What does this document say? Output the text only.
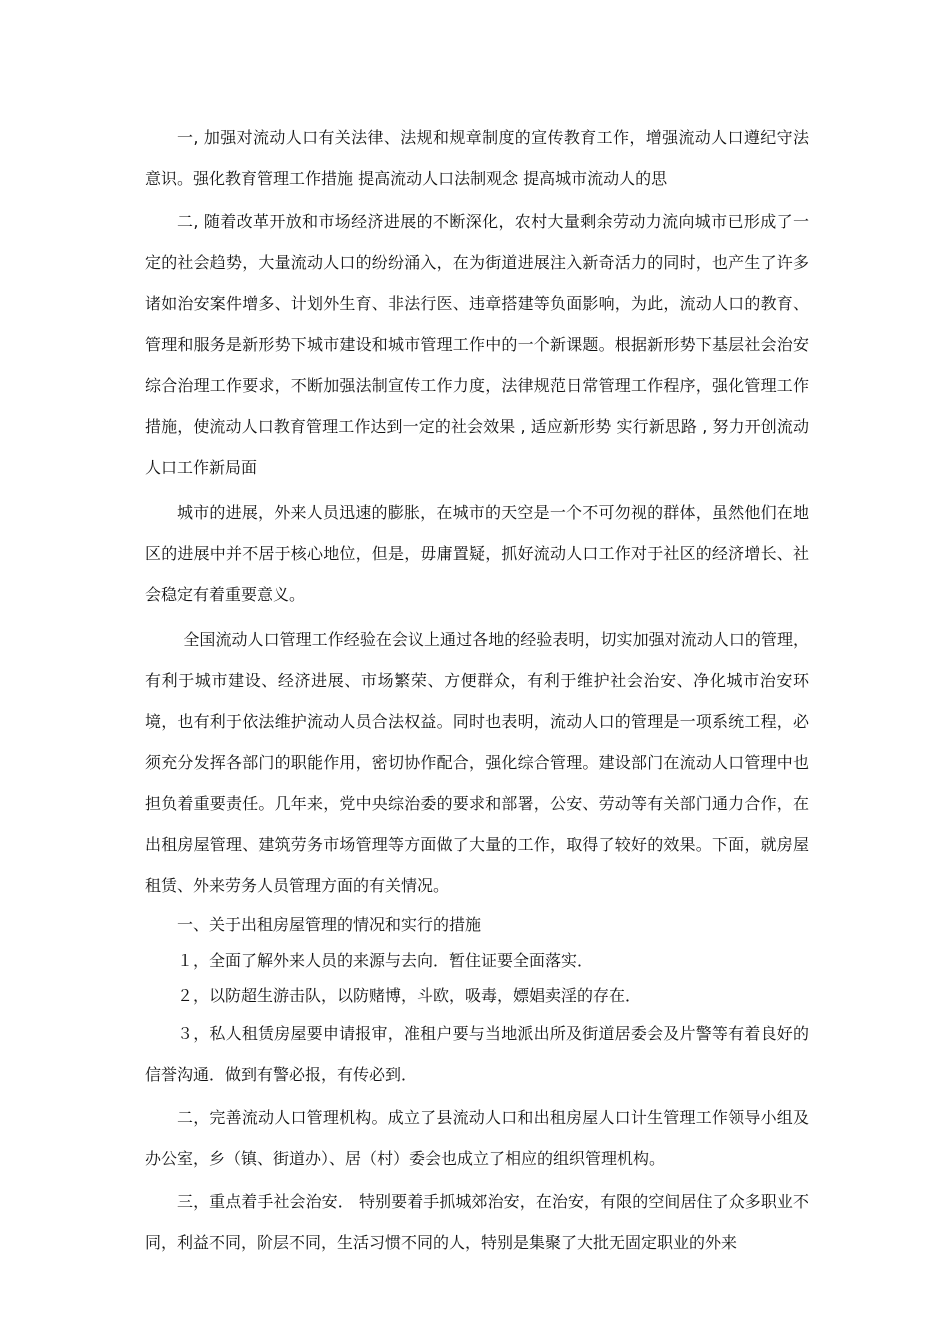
一, 加强对流动人口有关法律、法规和规章制度的宣传教育工作，增强流动人口遵纪守法意识。强化教育管理工作措施 提高流动人口法制观念 提高城市流动人的思

二, 随着改革开放和市场经济进展的不断深化，农村大量剩余劳动力流向城市已形成了一定的社会趋势，大量流动人口的纷纷涌入，在为街道进展注入新奇活力的同时，也产生了许多诸如治安案件增多、计划外生育、非法行医、违章搭建等负面影响，为此，流动人口的教育、管理和服务是新形势下城市建设和城市管理工作中的一个新课题。根据新形势下基层社会治安综合治理工作要求，不断加强法制宣传工作力度，法律规范日常管理工作程序，强化管理工作措施，使流动人口教育管理工作达到一定的社会效果 , 适应新形势 实行新思路 , 努力开创流动人口工作新局面

城市的进展，外来人员迅速的膨胀，在城市的天空是一个不可勿视的群体，虽然他们在地区的进展中并不居于核心地位，但是，毋庸置疑，抓好流动人口工作对于社区的经济增长、社会稳定有着重要意义。

全国流动人口管理工作经验在会议上通过各地的经验表明，切实加强对流动人口的管理，有利于城市建设、经济进展、市场繁荣、方便群众，有利于维护社会治安、净化城市治安环境，也有利于依法维护流动人员合法权益。同时也表明，流动人口的管理是一项系统工程，必须充分发挥各部门的职能作用，密切协作配合，强化综合管理。建设部门在流动人口管理中也担负着重要责任。几年来，党中央综治委的要求和部署，公安、劳动等有关部门通力合作，在出租房屋管理、建筑劳务市场管理等方面做了大量的工作，取得了较好的效果。下面，就房屋租赁、外来劳务人员管理方面的有关情况。

一、关于出租房屋管理的情况和实行的措施

１，全面了解外来人员的来源与去向．暂住证要全面落实．

２，以防超生游击队，以防赌博，斗欧，吸毒，嫖娼卖淫的存在．

３，私人租赁房屋要申请报审，准租户要与当地派出所及街道居委会及片警等有着良好的信誉沟通．做到有警必报，有传必到．

二，完善流动人口管理机构。成立了县流动人口和出租房屋人口计生管理工作领导小组及办公室，乡（镇、街道办）、居（村）委会也成立了相应的组织管理机构。

三，重点着手社会治安． 特别要着手抓城郊治安，在治安，有限的空间居住了众多职业不同，利益不同，阶层不同，生活习惯不同的人，特别是集聚了大批无固定职业的外来
